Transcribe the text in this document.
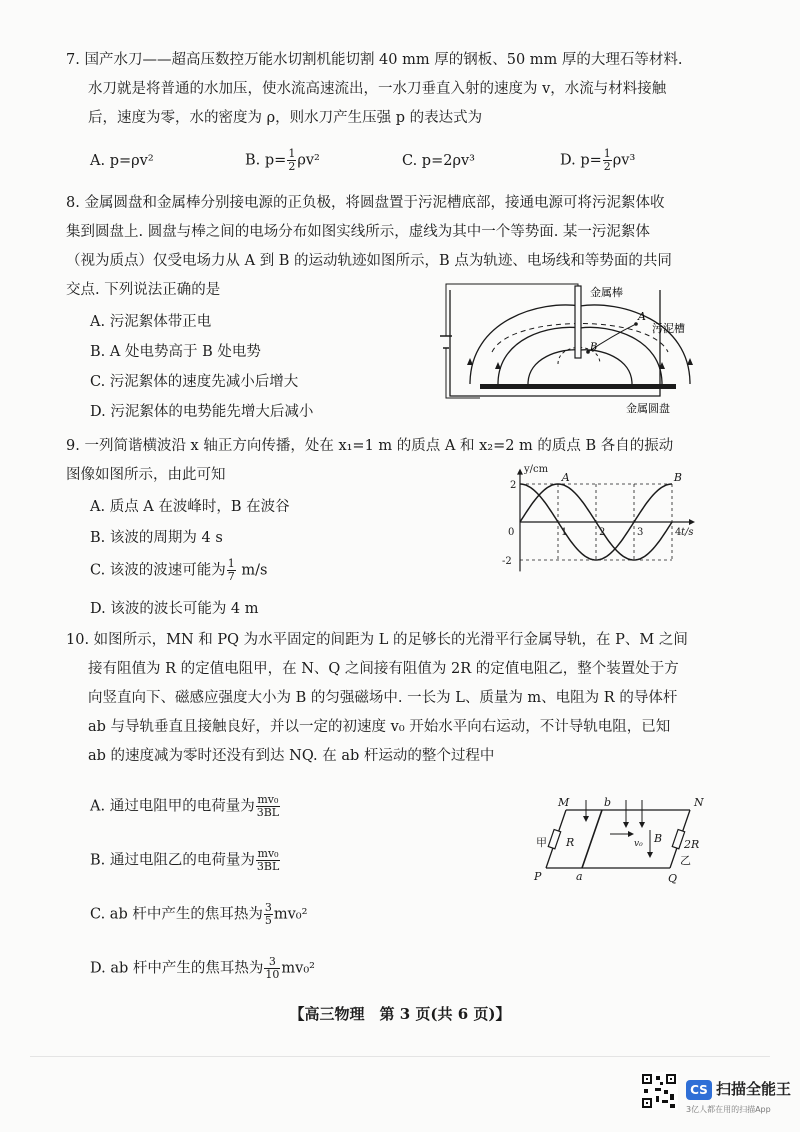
7. 国产水刀——超高压数控万能水切割机能切割 40 mm 厚的钢板、50 mm 厚的大理石等材料.
水刀就是将普通的水加压，使水流高速流出，一水刀垂直入射的速度为 v，水流与材料接触
后，速度为零，水的密度为 ρ，则水刀产生压强 p 的表达式为
A. p=ρv²	B. $p= \frac{1}{2} \rho v^2$	C. p=2ρv³	D. $p= \frac{1}{2} \rho v^3$
8. 金属圆盘和金属棒分别接电源的正负极，将圆盘置于污泥槽底部，接通电源可将污泥絮体收
集到圆盘上. 圆盘与棒之间的电场分布如图实线所示，虚线为其中一个等势面. 某一污泥絮体
（视为质点）仅受电场力从 A 到 B 的运动轨迹如图所示，B 点为轨迹、电场线和等势面的共同
交点. 下列说法正确的是
A. 污泥絮体带正电
B. A 处电势高于 B 处电势
C. 污泥絮体的速度先减小后增大
D. 污泥絮体的电势能先增大后减小
金属棒
污泥槽
金属圆盘
A
B
9. 一列简谐横波沿 x 轴正方向传播，处在 x₁=1 m 的质点 A 和 x₂=2 m 的质点 B 各自的振动
图像如图所示，由此可知
A. 质点 A 在波峰时，B 在波谷
B. 该波的周期为 4 s
C. 该波的波速可能为 $\frac{1}{7} m/s$
D. 该波的波长可能为 4 m
A	B
0	1	2	3	4
2
-2
y/cm
t/s
10. 如图所示，MN 和 PQ 为水平固定的间距为 L 的足够长的光滑平行金属导轨，在 P、M 之间
接有阻值为 R 的定值电阻甲，在 N、Q 之间接有阻值为 2R 的定值电阻乙，整个装置处于方
向竖直向下、磁感应强度大小为 B 的匀强磁场中. 一长为 L、质量为 m、电阻为 R 的导体杆
ab 与导轨垂直且接触良好，并以一定的初速度 v₀ 开始水平向右运动，不计导轨电阻，已知
ab 的速度减为零时还没有到达 NQ. 在 ab 杆运动的整个过程中
A. 通过电阻甲的电荷量为 $\frac{\text{mv₀}}{3BL}$
B. 通过电阻乙的电荷量为 $\frac{\text{mv₀}}{3BL}$
C. ab 杆中产生的焦耳热为 $\frac{3}{5} mv_0^2$
D. ab 杆中产生的焦耳热为 $\frac{3}{10} mv_0^2$
M	N
P	Q
a
b
B
R	2R
v₀
甲
乙
【高三物理　第 3 页(共 6 页)】
CS 扫描全能王
3亿人都在用的扫描App
